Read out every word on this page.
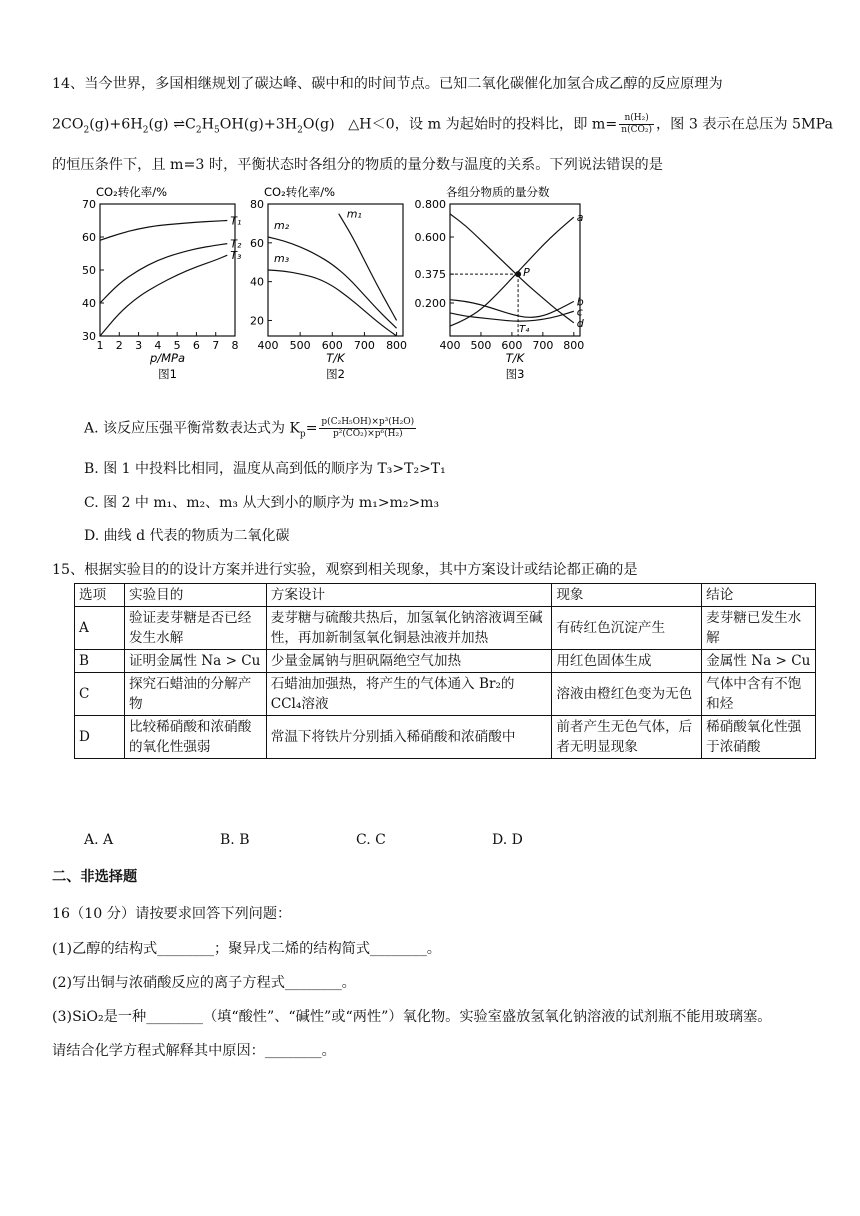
14、当今世界，多国相继规划了碳达峰、碳中和的时间节点。已知二氧化碳催化加氢合成乙醇的反应原理为
$2CO_2(g)+6H_2(g)$ $\rightleftharpoons C_2H_5OH(g)+3H_2O(g)$ △H＜0，设 m 为起始时的投料比，即 $m= \frac{\text{n(H₂)}}{\text{n(CO₂)}}$ ，图 3 表示在总压为 5MPa
的恒压条件下，且 m=3 时，平衡状态时各组分的物质的量分数与温度的关系。下列说法错误的是
CO₂转化率/%
1 2 3 4 5 6 7 8
30
40
50
60
70
p/MPa
图1
T₁
T₂
T₃
CO₂转化率/%
400 500 600 700 800
20
40
60
80
T/K
图2
m₁
m₂
m₃
各组分物质的量分数
400 500 600 700 800
0.200
0.375
0.600
0.800
T/K
图3
a
b
c
d
P
T₄
A. 该反应压强平衡常数表达式为 $K_p= \frac{\text{p(C₂H₅OH)×p³(H₂O)}}{\text{p²(CO₂)×p⁶(H₂)}}$
B. 图 1 中投料比相同，温度从高到低的顺序为 T₃>T₂>T₁
C. 图 2 中 m₁、m₂、m₃ 从大到小的顺序为 m₁>m₂>m₃
D. 曲线 d 代表的物质为二氧化碳
15、根据实验目的的设计方案并进行实验，观察到相关现象，其中方案设计或结论都正确的是
选项	实验目的	方案设计	现象	结论
A	验证麦芽糖是否已经发生水解	麦芽糖与硫酸共热后，加氢氧化钠溶液调至碱性，再加新制氢氧化铜悬浊液并加热	有砖红色沉淀产生	麦芽糖已发生水解
B	证明金属性 Na > Cu	少量金属钠与胆矾隔绝空气加热	用红色固体生成	金属性 Na > Cu
C	探究石蜡油的分解产物	石蜡油加强热，将产生的气体通入 Br₂的 CCl₄溶液	溶液由橙红色变为无色	气体中含有不饱和烃
D	比较稀硝酸和浓硝酸的氧化性强弱	常温下将铁片分别插入稀硝酸和浓硝酸中	前者产生无色气体，后者无明显现象	稀硝酸氧化性强于浓硝酸
A. A	B. B	C. C	D. D
二、非选择题
16（10 分）请按要求回答下列问题：
(1)乙醇的结构式________；聚异戊二烯的结构简式________。
(2)写出铜与浓硝酸反应的离子方程式________。
(3)SiO₂是一种________（填“酸性”、“碱性”或“两性”）氧化物。实验室盛放氢氧化钠溶液的试剂瓶不能用玻璃塞。
请结合化学方程式解释其中原因：________。
